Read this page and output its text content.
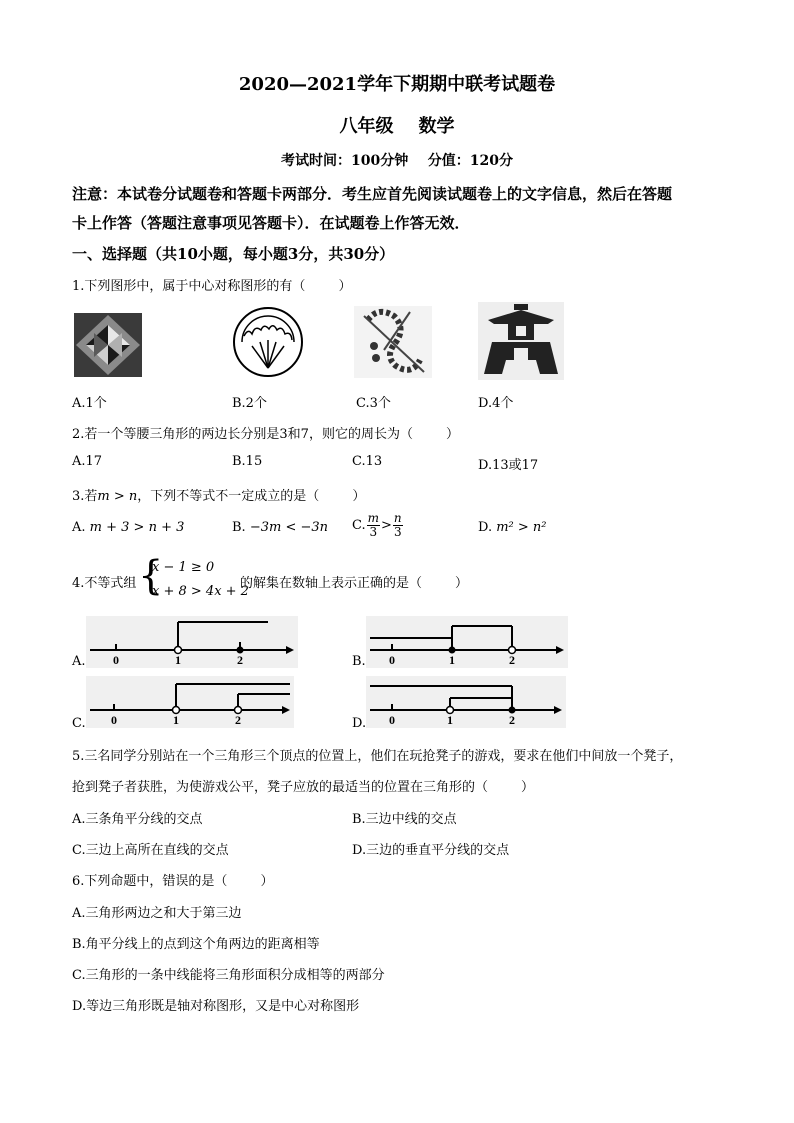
2020—2021学年下期期中联考试题卷
八年级    数学
考试时间：100分钟    分值：120分
注意：本试卷分试题卷和答题卡两部分．考生应首先阅读试题卷上的文字信息，然后在答题
卡上作答（答题注意事项见答题卡）．在试题卷上作答无效．
一、选择题（共10小题，每小题3分，共30分）
1.下列图形中，属于中心对称图形的有（        ）
A.1个	B.2个	C.3个	D.4个
2.若一个等腰三角形的两边长分别是3和7，则它的周长为（        ）
A.17	B.15	C.13	D.13或17
3.若m > n，下列不等式不一定成立的是（        ）
A. m + 3 > n + 3	B. −3m < −3n C. $\frac{m}{3} > \frac{n}{3}$	D. m² > n²
4.不等式组 {
x − 1 ≥ 0
x + 8 > 4x + 2
的解集在数轴上表示正确的是（        ）
A. 0	1	2	B. 0	1	2
C. 0	1	2	D. 0	1	2
5.三名同学分别站在一个三角形三个顶点的位置上，他们在玩抢凳子的游戏，要求在他们中间放一个凳子，
抢到凳子者获胜，为使游戏公平，凳子应放的最适当的位置在三角形的（        ）
A.三条角平分线的交点	B.三边中线的交点
C.三边上高所在直线的交点	D.三边的垂直平分线的交点
6.下列命题中，错误的是（        ）
A.三角形两边之和大于第三边
B.角平分线上的点到这个角两边的距离相等
C.三角形的一条中线能将三角形面积分成相等的两部分
D.等边三角形既是轴对称图形，又是中心对称图形
